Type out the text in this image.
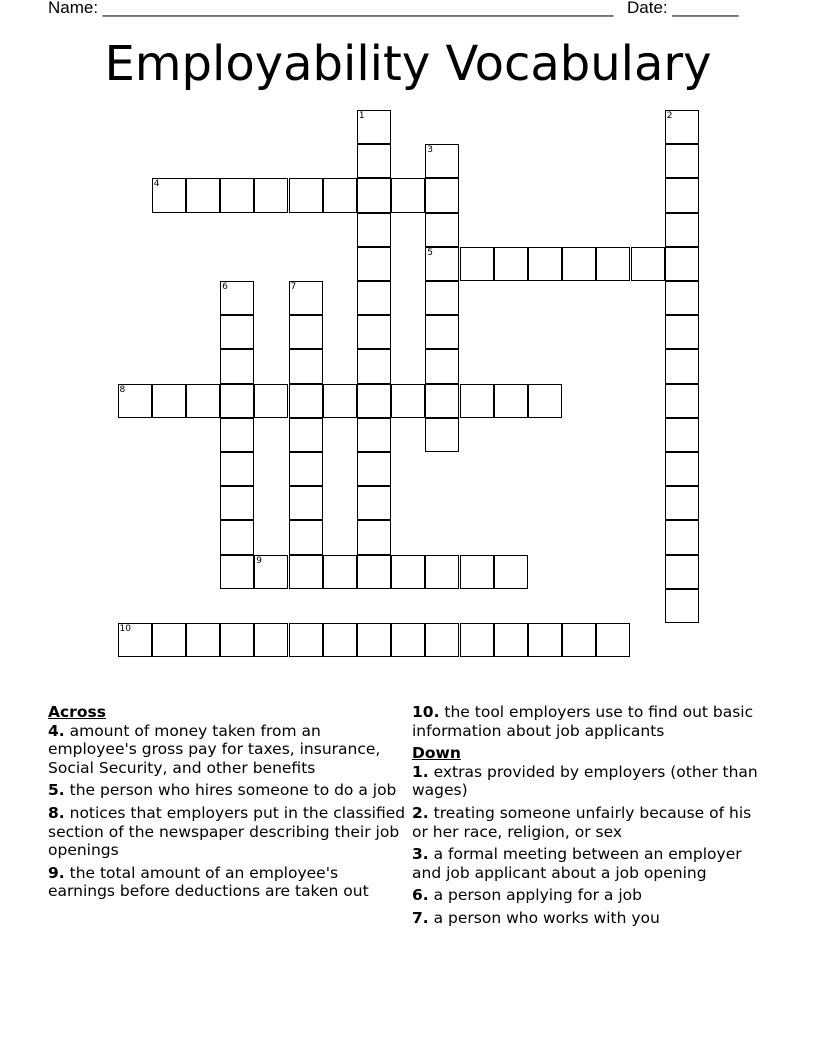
Name: ______________________________________________________ Date: _______
Employability Vocabulary
1	2
3
5
4
6	7
8
9
10
Across
4. amount of money taken from an employee's gross pay for taxes, insurance, Social Security, and other benefits
5. the person who hires someone to do a job
8. notices that employers put in the classified section of the newspaper describing their job openings
9. the total amount of an employee's earnings before deductions are taken out
10. the tool employers use to find out basic information about job applicants
Down
1. extras provided by employers (other than wages)
2. treating someone unfairly because of his or her race, religion, or sex
3. a formal meeting between an employer and job applicant about a job opening
6. a person applying for a job
7. a person who works with you
